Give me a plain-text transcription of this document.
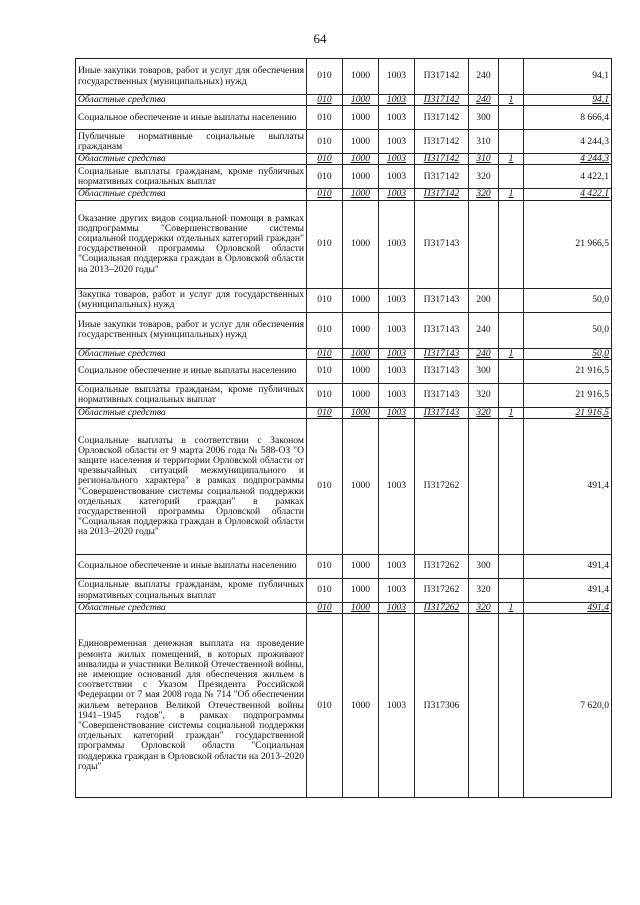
64
Иные закупки товаров, работ и услуг для обеспечения государственных (муниципальных) нужд	010	1000	1003	П317142	240		94,1
Областные средства	010	1000	1003	П317142	240	1	94,1
Социальное обеспечение и иные выплаты населению	010	1000	1003	П317142	300		8 666,4
Публичные нормативные социальные выплаты гражданам	010	1000	1003	П317142	310		4 244,3
Областные средства	010	1000	1003	П317142	310	1	4 244,3
Социальные выплаты гражданам, кроме публичных нормативных социальных выплат	010	1000	1003	П317142	320		4 422,1
Областные средства	010	1000	1003	П317142	320	1	4 422,1
Оказание других видов социальной помощи в рамках подпрограммы "Совершенствование системы социальной поддержки отдельных категорий граждан" государственной программы Орловской области "Социальная поддержка граждан в Орловской области на 2013–2020 годы"	010	1000	1003	П317143			21 966,5
Закупка товаров, работ и услуг для государственных (муниципальных) нужд	010	1000	1003	П317143	200		50,0
Иные закупки товаров, работ и услуг для обеспечения государственных (муниципальных) нужд	010	1000	1003	П317143	240		50,0
Областные средства	010	1000	1003	П317143	240	1	50,0
Социальное обеспечение и иные выплаты населению	010	1000	1003	П317143	300		21 916,5
Социальные выплаты гражданам, кроме публичных нормативных социальных выплат	010	1000	1003	П317143	320		21 916,5
Областные средства	010	1000	1003	П317143	320	1	21 916,5
Социальные выплаты в соответствии с Законом Орловской области от 9 марта 2006 года № 588-ОЗ "О защите населения и территории Орловской области от чрезвычайных ситуаций межмуниципального и регионального характера" в рамках подпрограммы "Совершенствование системы социальной поддержки отдельных категорий граждан" в рамках государственной программы Орловской области "Социальная поддержка граждан в Орловской области на 2013–2020 годы"	010	1000	1003	П317262			491,4
Социальное обеспечение и иные выплаты населению	010	1000	1003	П317262	300		491,4
Социальные выплаты гражданам, кроме публичных нормативных социальных выплат	010	1000	1003	П317262	320		491,4
Областные средства	010	1000	1003	П317262	320	1	491,4
Единовременная денежная выплата на проведение ремонта жилых помещений, в которых проживают инвалиды и участники Великой Отечественной войны, не имеющие оснований для обеспечения жильем в соответствии с Указом Президента Российской Федерации от 7 мая 2008 года № 714 "Об обеспечении жильем ветеранов Великой Отечественной войны 1941–1945 годов", в рамках подпрограммы "Совершенствование системы социальной поддержки отдельных категорий граждан" государственной программы Орловской области "Социальная поддержка граждан в Орловской области на 2013–2020 годы"	010	1000	1003	П317306			7 620,0
